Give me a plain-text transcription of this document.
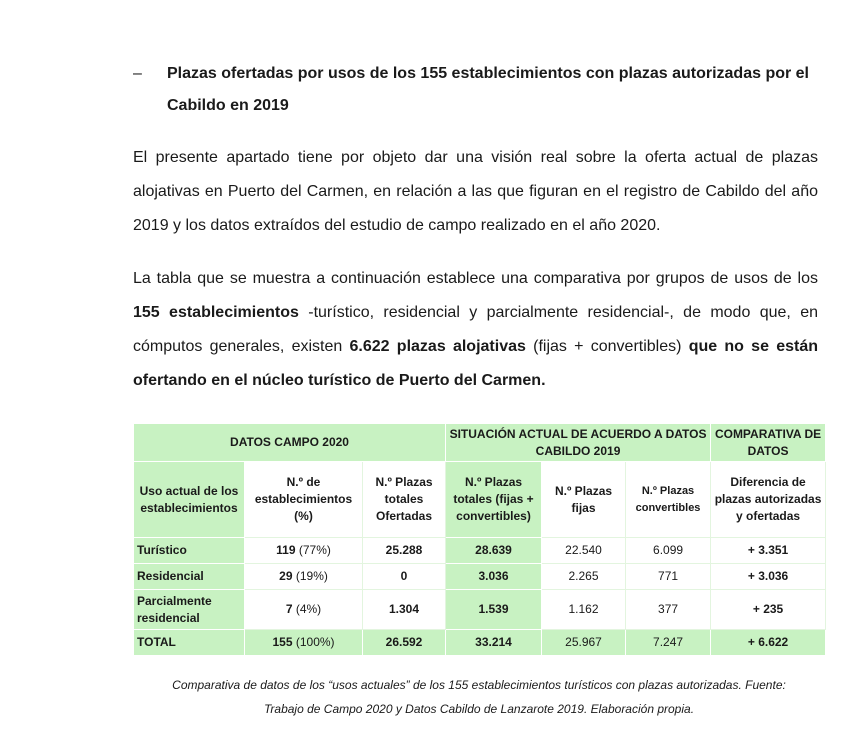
– Plazas ofertadas por usos de los 155 establecimientos con plazas autorizadas por el Cabildo en 2019

El presente apartado tiene por objeto dar una visión real sobre la oferta actual de plazas alojativas en Puerto del Carmen, en relación a las que figuran en el registro de Cabildo del año 2019 y los datos extraídos del estudio de campo realizado en el año 2020.

La tabla que se muestra a continuación establece una comparativa por grupos de usos de los 155 establecimientos -turístico, residencial y parcialmente residencial-, de modo que, en cómputos generales, existen 6.622 plazas alojativas (fijas + convertibles) que no se están ofertando en el núcleo turístico de Puerto del Carmen.

DATOS CAMPO 2020			SITUACIÓN ACTUAL DE ACUERDO A DATOS CABILDO 2019			COMPARATIVA DE DATOS
Uso actual de los establecimientos	N.º de establecimientos (%)	N.º Plazas totales Ofertadas	N.º Plazas totales (fijas + convertibles)	N.º Plazas fijas	N.º Plazas convertibles	Diferencia de plazas autorizadas y ofertadas
Turístico	119 (77%)	25.288	28.639	22.540	6.099	+ 3.351
Residencial	29 (19%)	0	3.036	2.265	771	+ 3.036
Parcialmente residencial	7 (4%)	1.304	1.539	1.162	377	+ 235
TOTAL	155 (100%)	26.592	33.214	25.967	7.247	+ 6.622
Comparativa de datos de los “usos actuales” de los 155 establecimientos turísticos con plazas autorizadas. Fuente:
Trabajo de Campo 2020 y Datos Cabildo de Lanzarote 2019. Elaboración propia.
